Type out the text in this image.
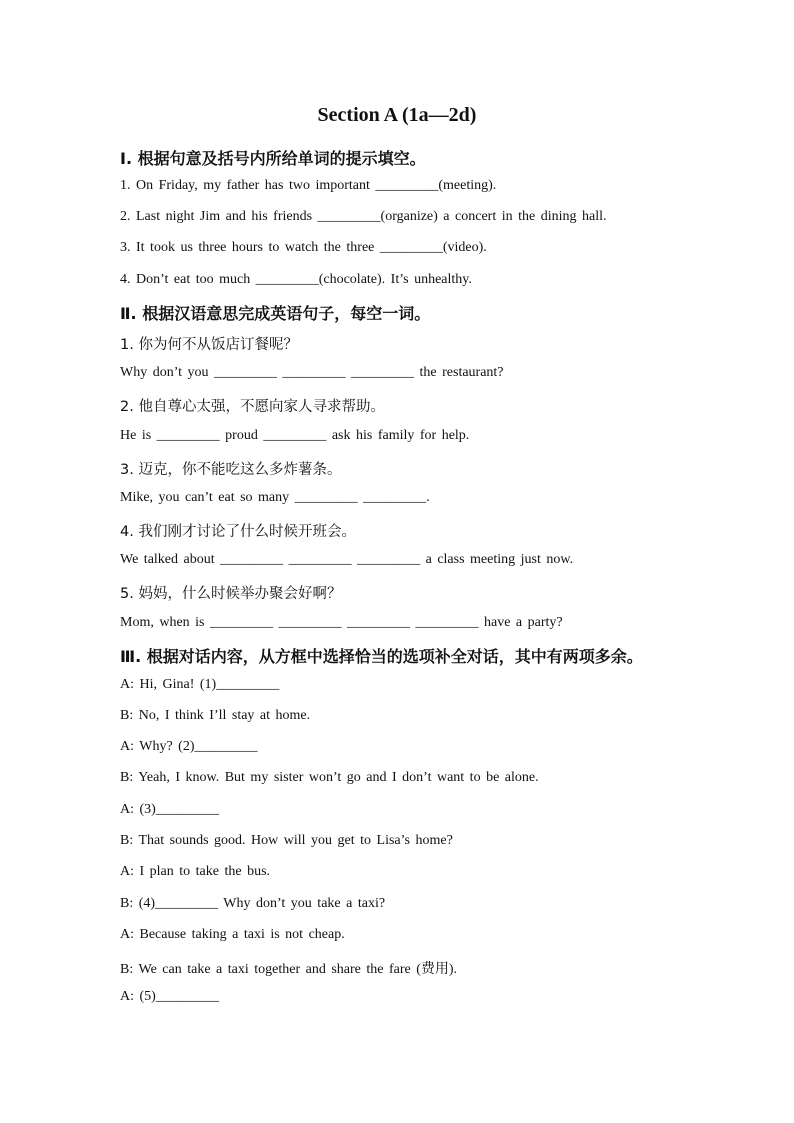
Section A (1a—2d)
Ⅰ. 根据句意及括号内所给单词的提示填空。
1. On Friday, my father has two important _________(meeting).
2. Last night Jim and his friends _________(organize) a concert in the dining hall.
3. It took us three hours to watch the three _________(video).
4. Don’t eat too much _________(chocolate). It’s unhealthy.
Ⅱ. 根据汉语意思完成英语句子，每空一词。
1. 你为何不从饭店订餐呢？
Why don’t you _________ _________ _________ the restaurant?
2. 他自尊心太强，不愿向家人寻求帮助。
He is _________ proud _________ ask his family for help.
3. 迈克，你不能吃这么多炸薯条。
Mike, you can’t eat so many _________ _________.
4. 我们刚才讨论了什么时候开班会。
We talked about _________ _________ _________ a class meeting just now.
5. 妈妈，什么时候举办聚会好啊？
Mom, when is _________ _________ _________ _________ have a party?
Ⅲ. 根据对话内容，从方框中选择恰当的选项补全对话，其中有两项多余。
A: Hi, Gina! (1)_________
B: No, I think I’ll stay at home.
A: Why? (2)_________
B: Yeah, I know. But my sister won’t go and I don’t want to be alone.
A: (3)_________
B: That sounds good. How will you get to Lisa’s home?
A: I plan to take the bus.
B: (4)_________ Why don’t you take a taxi?
A: Because taking a taxi is not cheap.
B: We can take a taxi together and share the fare (费用).
A: (5)_________
